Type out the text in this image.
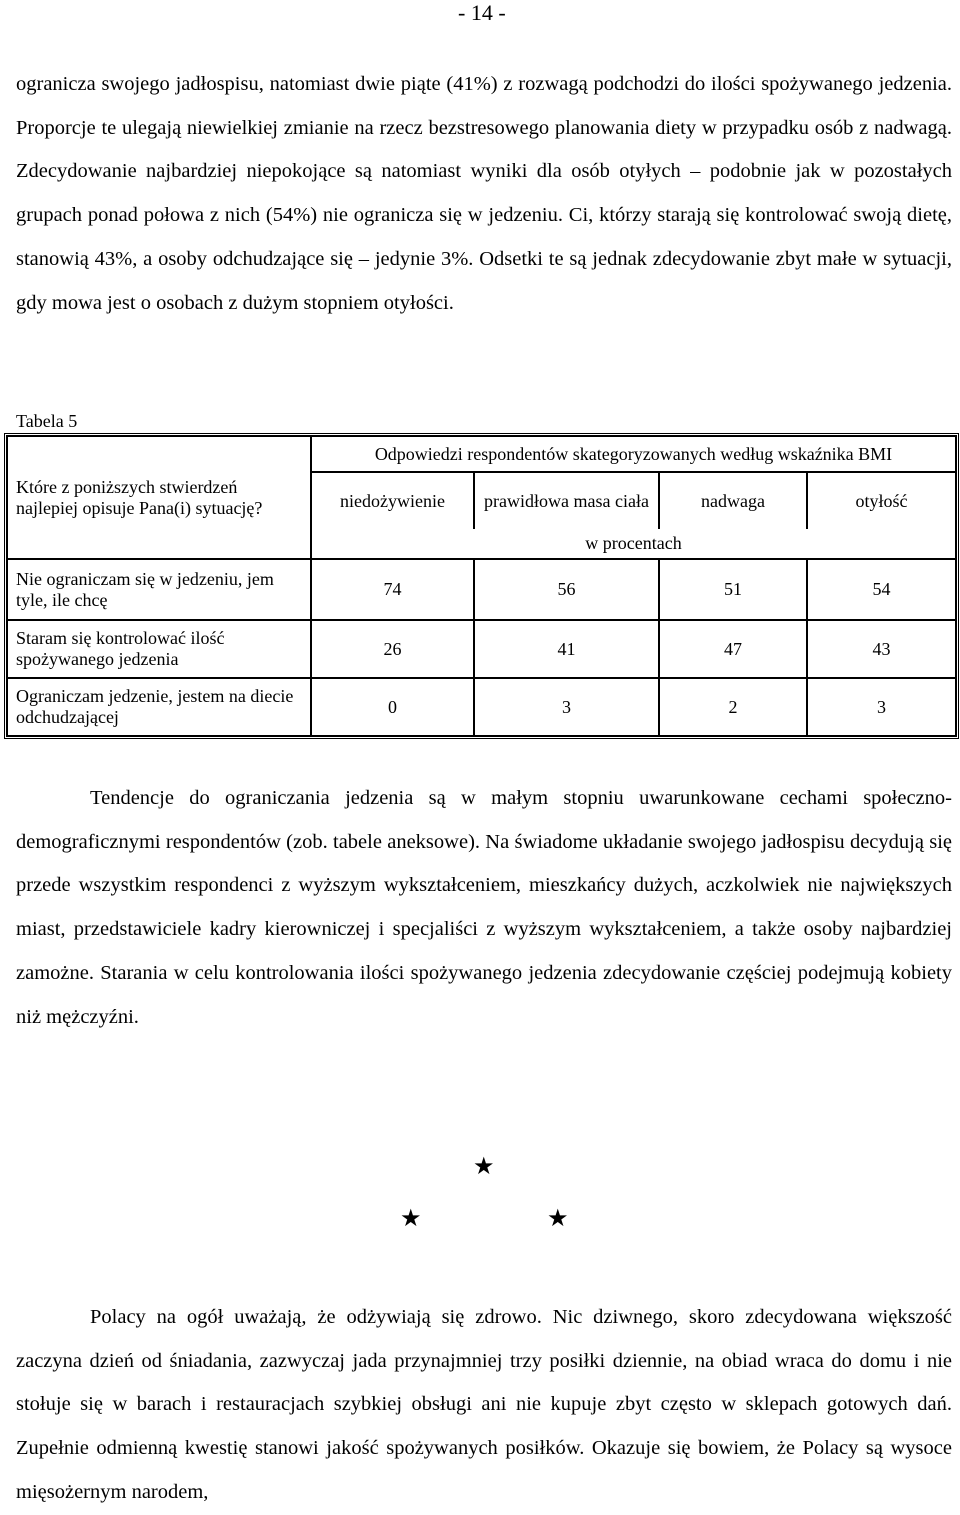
- 14 -

ogranicza swojego jadłospisu, natomiast dwie piąte (41%) z rozwagą podchodzi do ilości spożywanego jedzenia. Proporcje te ulegają niewielkiej zmianie na rzecz bezstresowego planowania diety w przypadku osób z nadwagą. Zdecydowanie najbardziej niepokojące są natomiast wyniki dla osób otyłych – podobnie jak w pozostałych grupach ponad połowa z nich (54%) nie ogranicza się w jedzeniu. Ci, którzy starają się kontrolować swoją dietę, stanowią 43%, a osoby odchudzające się – jedynie 3%. Odsetki te są jednak zdecydowanie zbyt małe w sytuacji, gdy mowa jest o osobach z dużym stopniem otyłości.

Tabela 5
Które z poniższych stwierdzeń najlepiej opisuje Pana(i) sytuację?	Odpowiedzi respondentów skategoryzowanych według wskaźnika BMI			
	niedożywienie	prawidłowa masa ciała	nadwaga	otyłość
	w procentach			
Nie ograniczam się w jedzeniu, jem tyle, ile chcę	74	56	51	54
Staram się kontrolować ilość spożywanego jedzenia	26	41	47	43
Ograniczam jedzenie, jestem na diecie odchudzającej	0	3	2	3

Tendencje do ograniczania jedzenia są w małym stopniu uwarunkowane cechami społeczno-demograficznymi respondentów (zob. tabele aneksowe). Na świadome układanie swojego jadłospisu decydują się przede wszystkim respondenci z wyższym wykształceniem, mieszkańcy dużych, aczkolwiek nie największych miast, przedstawiciele kadry kierowniczej i specjaliści z wyższym wykształceniem, a także osoby najbardziej zamożne. Starania w celu kontrolowania ilości spożywanego jedzenia zdecydowanie częściej podejmują kobiety niż mężczyźni.

★
★	★

Polacy na ogół uważają, że odżywiają się zdrowo. Nic dziwnego, skoro zdecydowana większość zaczyna dzień od śniadania, zazwyczaj jada przynajmniej trzy posiłki dziennie, na obiad wraca do domu i nie stołuje się w barach i restauracjach szybkiej obsługi ani nie kupuje zbyt często w sklepach gotowych dań. Zupełnie odmienną kwestię stanowi jakość spożywanych posiłków. Okazuje się bowiem, że Polacy są wysoce mięsożernym narodem,
